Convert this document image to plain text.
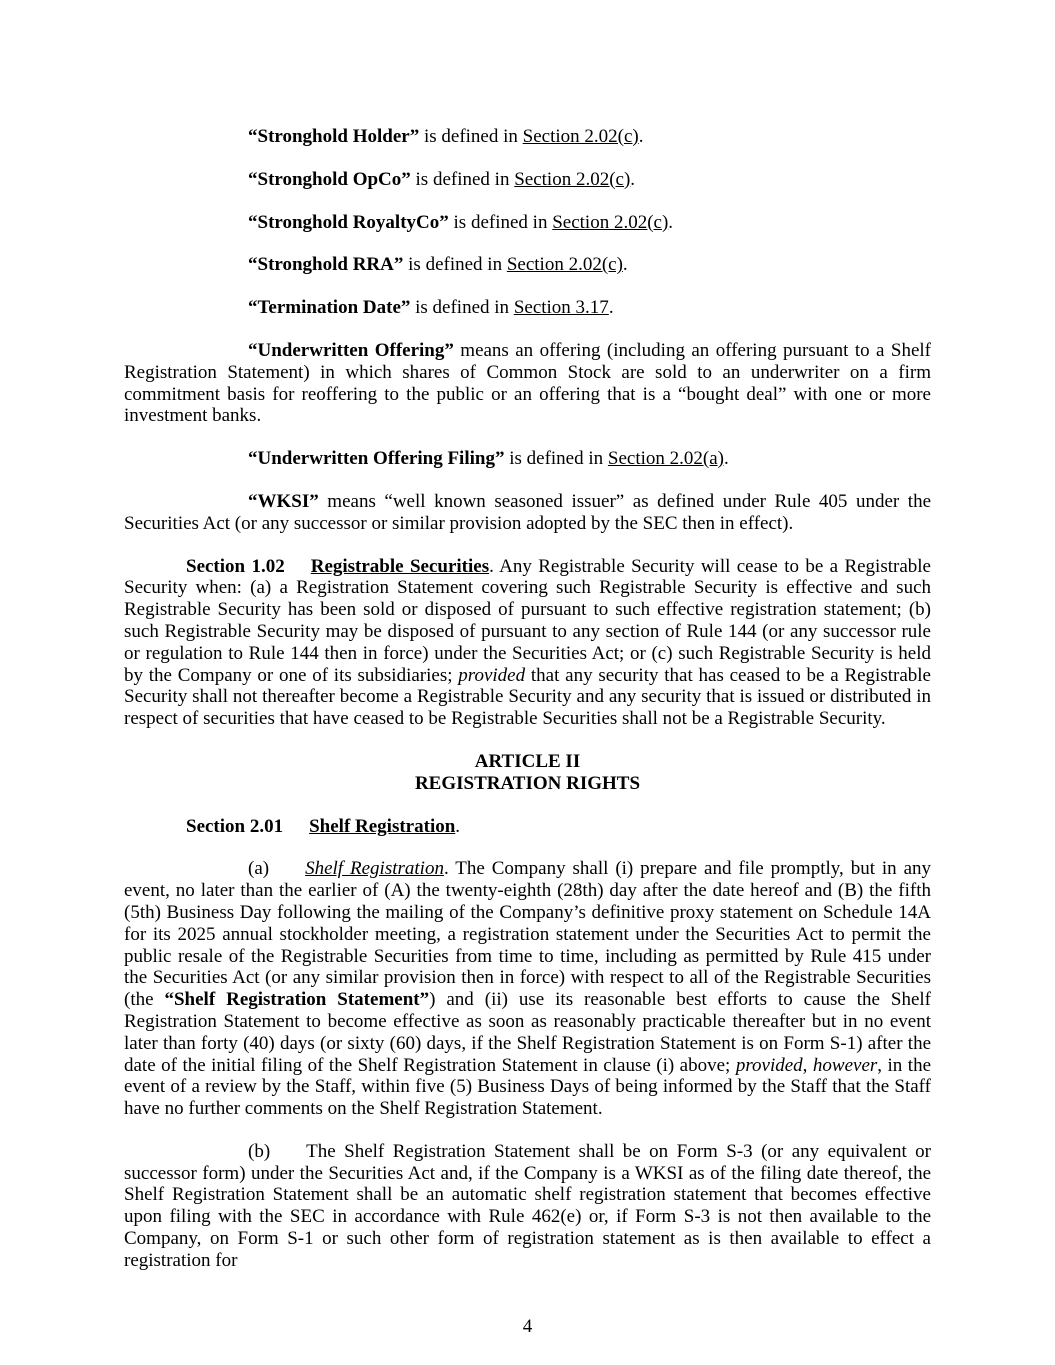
“Stronghold Holder” is defined in Section 2.02(c).

“Stronghold OpCo” is defined in Section 2.02(c).

“Stronghold RoyaltyCo” is defined in Section 2.02(c).

“Stronghold RRA” is defined in Section 2.02(c).

“Termination Date” is defined in Section 3.17.

“Underwritten Offering” means an offering (including an offering pursuant to a Shelf Registration Statement) in which shares of Common Stock are sold to an underwriter on a firm commitment basis for reoffering to the public or an offering that is a “bought deal” with one or more investment banks.

“Underwritten Offering Filing” is defined in Section 2.02(a).

“WKSI” means “well known seasoned issuer” as defined under Rule 405 under the Securities Act (or any successor or similar provision adopted by the SEC then in effect).

Section 1.02 Registrable Securities. Any Registrable Security will cease to be a Registrable Security when: (a) a Registration Statement covering such Registrable Security is effective and such Registrable Security has been sold or disposed of pursuant to such effective registration statement; (b) such Registrable Security may be disposed of pursuant to any section of Rule 144 (or any successor rule or regulation to Rule 144 then in force) under the Securities Act; or (c) such Registrable Security is held by the Company or one of its subsidiaries; provided that any security that has ceased to be a Registrable Security shall not thereafter become a Registrable Security and any security that is issued or distributed in respect of securities that have ceased to be Registrable Securities shall not be a Registrable Security.

ARTICLE II
REGISTRATION RIGHTS

Section 2.01 Shelf Registration.

(a) Shelf Registration. The Company shall (i) prepare and file promptly, but in any event, no later than the earlier of (A) the twenty-eighth (28th) day after the date hereof and (B) the fifth (5th) Business Day following the mailing of the Company’s definitive proxy statement on Schedule 14A for its 2025 annual stockholder meeting, a registration statement under the Securities Act to permit the public resale of the Registrable Securities from time to time, including as permitted by Rule 415 under the Securities Act (or any similar provision then in force) with respect to all of the Registrable Securities (the “Shelf Registration Statement”) and (ii) use its reasonable best efforts to cause the Shelf Registration Statement to become effective as soon as reasonably practicable thereafter but in no event later than forty (40) days (or sixty (60) days, if the Shelf Registration Statement is on Form S-1) after the date of the initial filing of the Shelf Registration Statement in clause (i) above; provided, however, in the event of a review by the Staff, within five (5) Business Days of being informed by the Staff that the Staff have no further comments on the Shelf Registration Statement.

(b) The Shelf Registration Statement shall be on Form S-3 (or any equivalent or successor form) under the Securities Act and, if the Company is a WKSI as of the filing date thereof, the Shelf Registration Statement shall be an automatic shelf registration statement that becomes effective upon filing with the SEC in accordance with Rule 462(e) or, if Form S-3 is not then available to the Company, on Form S-1 or such other form of registration statement as is then available to effect a registration for

4
